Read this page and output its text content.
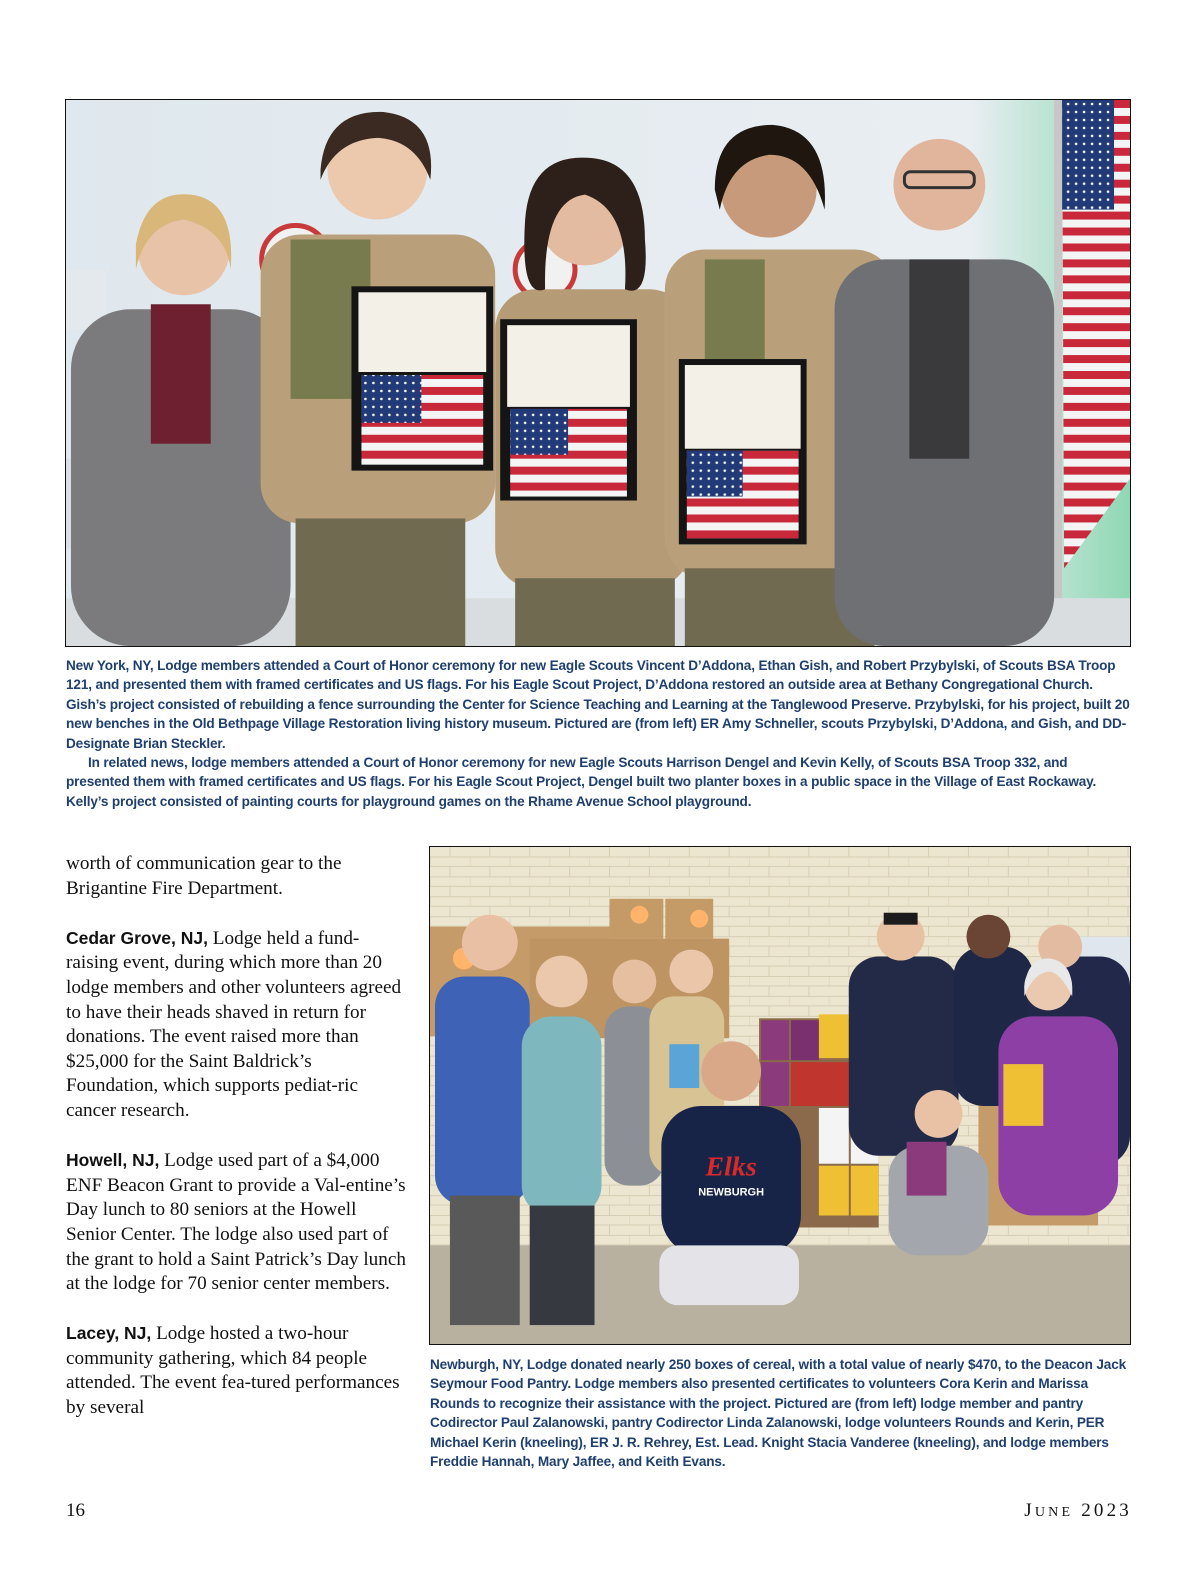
New York, NY, Lodge members attended a Court of Honor ceremony for new Eagle Scouts Vincent D’Addona, Ethan Gish, and Robert Przybylski, of Scouts BSA Troop 121, and presented them with framed certificates and US flags. For his Eagle Scout Project, D’Addona restored an outside area at Bethany Congregational Church. Gish’s project consisted of rebuilding a fence surrounding the Center for Science Teaching and Learning at the Tanglewood Preserve. Przybylski, for his project, built 20 new benches in the Old Bethpage Village Restoration living history museum. Pictured are (from left) ER Amy Schneller, scouts Przybylski, D’Addona, and Gish, and DD-Designate Brian Steckler.

In related news, lodge members attended a Court of Honor ceremony for new Eagle Scouts Harrison Dengel and Kevin Kelly, of Scouts BSA Troop 332, and presented them with framed certificates and US flags. For his Eagle Scout Project, Dengel built two planter boxes in a public space in the Village of East Rockaway. Kelly’s project consisted of painting courts for playground games on the Rhame Avenue School playground.

worth of communication gear to the Brigantine Fire Department.

Cedar Grove, NJ, Lodge held a fund-raising event, during which more than 20 lodge members and other volunteers agreed to have their heads shaved in return for donations. The event raised more than $25,000 for the Saint Baldrick’s Foundation, which supports pediat-ric cancer research.

Howell, NJ, Lodge used part of a $4,000 ENF Beacon Grant to provide a Val-entine’s Day lunch to 80 seniors at the Howell Senior Center. The lodge also used part of the grant to hold a Saint Patrick’s Day lunch at the lodge for 70 senior center members.

Lacey, NJ, Lodge hosted a two-hour community gathering, which 84 people attended. The event fea-tured performances by several

Elks
NEWBURGH

Newburgh, NY, Lodge donated nearly 250 boxes of cereal, with a total value of nearly $470, to the Deacon Jack Seymour Food Pantry. Lodge members also presented certificates to volunteers Cora Kerin and Marissa Rounds to recognize their assistance with the project. Pictured are (from left) lodge member and pantry Codirector Paul Zalanowski, pantry Codirector Linda Zalanowski, lodge volunteers Rounds and Kerin, PER Michael Kerin (kneeling), ER J. R. Rehrey, Est. Lead. Knight Stacia Vanderee (kneeling), and lodge members Freddie Hannah, Mary Jaffee, and Keith Evans.

16	JUNE 2023
